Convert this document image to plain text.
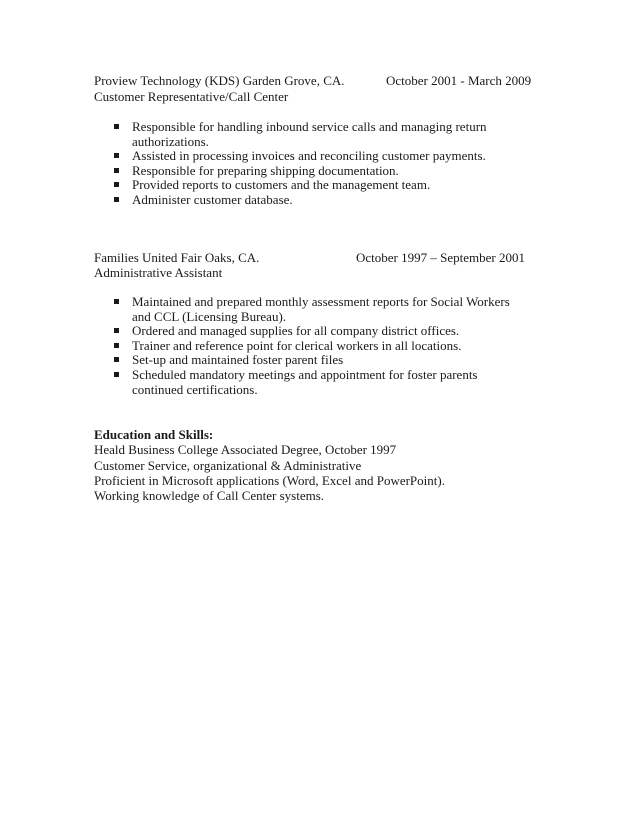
Proview Technology (KDS) Garden Grove, CA.	October 2001 - March 2009
Customer Representative/Call Center
Responsible for handling inbound service calls and managing return authorizations.
Assisted in processing invoices and reconciling customer payments.
Responsible for preparing shipping documentation.
Provided reports to customers and the management team.
Administer customer database.
Families United Fair Oaks, CA.	October 1997 – September 2001
Administrative Assistant
Maintained and prepared monthly assessment reports for Social Workers and CCL (Licensing Bureau).
Ordered and managed supplies for all company district offices.
Trainer and reference point for clerical workers in all locations.
Set-up and maintained foster parent files
Scheduled mandatory meetings and appointment for foster parents continued certifications.
Education and Skills:
Heald Business College Associated Degree, October 1997
Customer Service, organizational & Administrative
Proficient in Microsoft applications (Word, Excel and PowerPoint).
Working knowledge of Call Center systems.
